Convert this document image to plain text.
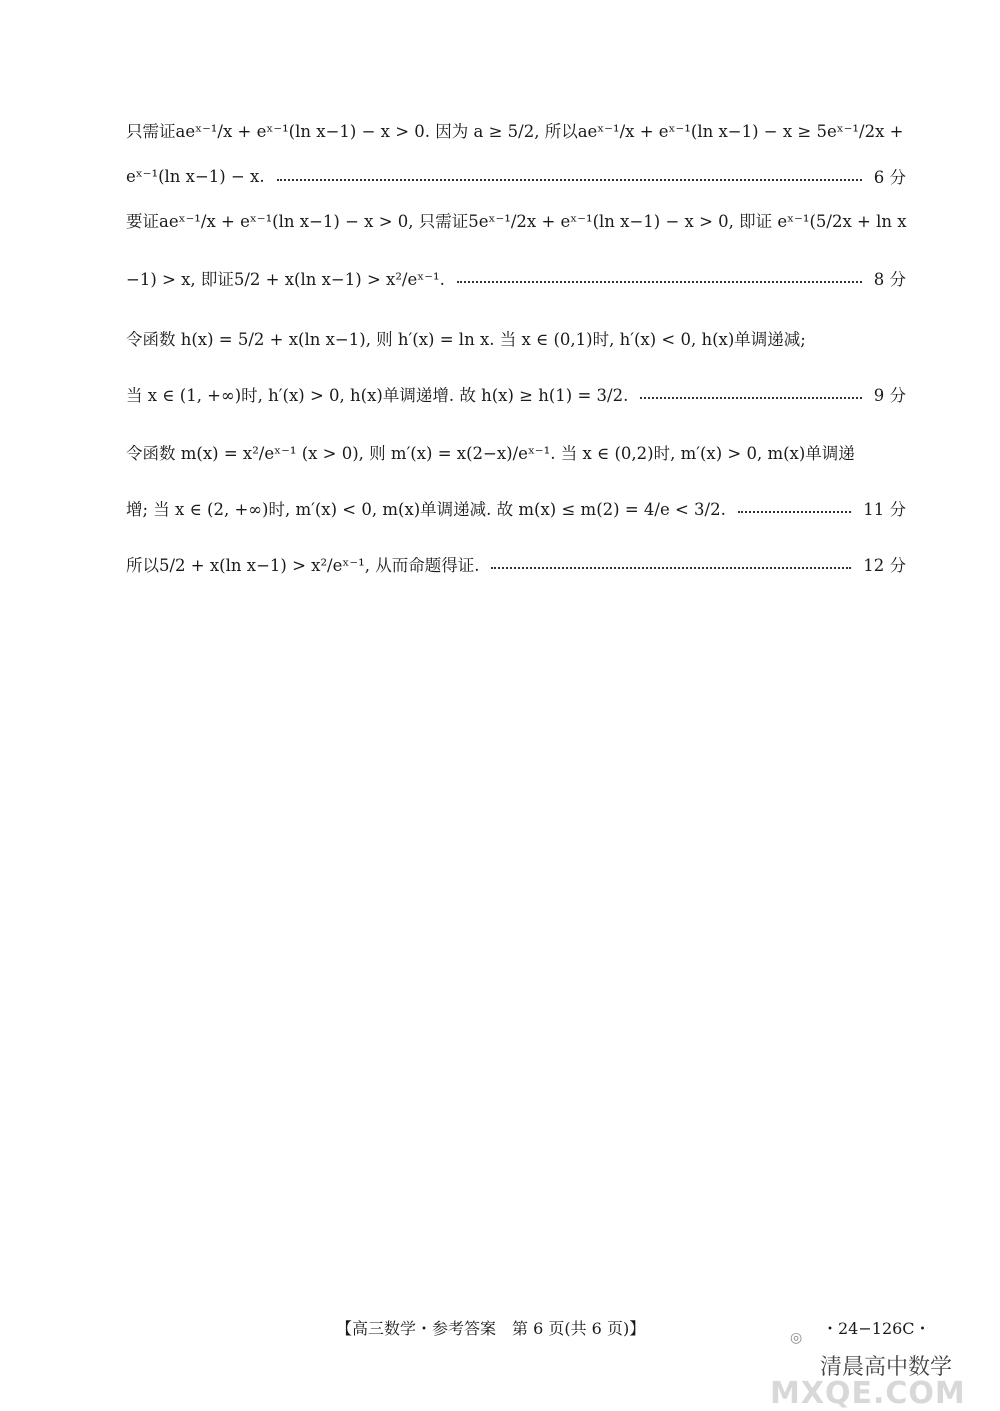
只需证aeˣ⁻¹/x + eˣ⁻¹(ln x−1) − x > 0. 因为 a ≥ 5/2, 所以aeˣ⁻¹/x + eˣ⁻¹(ln x−1) − x ≥ 5eˣ⁻¹/2x +
eˣ⁻¹(ln x−1) − x.	6 分
要证aeˣ⁻¹/x + eˣ⁻¹(ln x−1) − x > 0, 只需证5eˣ⁻¹/2x + eˣ⁻¹(ln x−1) − x > 0, 即证 eˣ⁻¹(5/2x + ln x
−1) > x, 即证5/2 + x(ln x−1) > x²/eˣ⁻¹.	8 分
令函数 h(x) = 5/2 + x(ln x−1), 则 h′(x) = ln x. 当 x ∈ (0,1)时, h′(x) < 0, h(x)单调递减;
当 x ∈ (1, +∞)时, h′(x) > 0, h(x)单调递增. 故 h(x) ≥ h(1) = 3/2.	9 分
令函数 m(x) = x²/eˣ⁻¹ (x > 0), 则 m′(x) = x(2−x)/eˣ⁻¹. 当 x ∈ (0,2)时, m′(x) > 0, m(x)单调递
增; 当 x ∈ (2, +∞)时, m′(x) < 0, m(x)单调递减. 故 m(x) ≤ m(2) = 4/e < 3/2.	11 分
所以5/2 + x(ln x−1) > x²/eˣ⁻¹, 从而命题得证.	12 分
【高三数学・参考答案　第 6 页(共 6 页)】	・24−126C・
◎
清晨高中数学
MXQE.COM
